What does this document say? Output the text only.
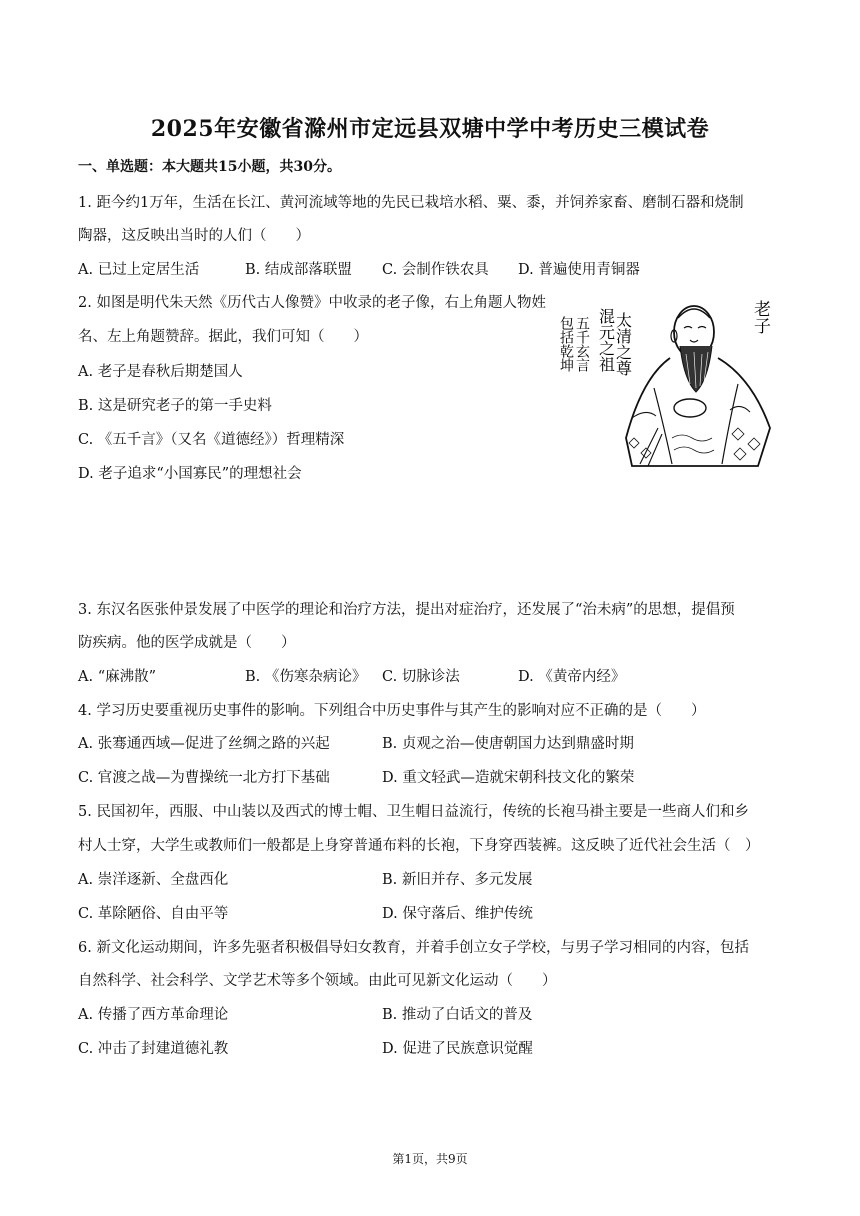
2025年安徽省滁州市定远县双塘中学中考历史三模试卷
一、单选题：本大题共15小题，共30分。
1. 距今约1万年，生活在长江、黄河流域等地的先民已栽培水稻、粟、黍，并饲养家畜、磨制石器和烧制
陶器，这反映出当时的人们（　　）
A. 已过上定居生活	B. 结成部落联盟 C. 会制作铁农具 D. 普遍使用青铜器
2. 如图是明代朱天然《历代古人像赞》中收录的老子像，右上角题人物姓
名、左上角题赞辞。据此，我们可知（　　）
A. 老子是春秋后期楚国人
B. 这是研究老子的第一手史料
C. 《五千言》（又名《道德经》）哲理精深
D. 老子追求“小国寡民”的理想社会
混元之祖
太清之尊
五千玄言
包括乾坤	老子
3. 东汉名医张仲景发展了中医学的理论和治疗方法，提出对症治疗，还发展了“治未病”的思想，提倡预
防疾病。他的医学成就是（　　）
A. “麻沸散”	B. 《伤寒杂病论》 C. 切脉诊法	D. 《黄帝内经》
4. 学习历史要重视历史事件的影响。下列组合中历史事件与其产生的影响对应不正确的是（　　）
A. 张骞通西域—促进了丝绸之路的兴起	B. 贞观之治—使唐朝国力达到鼎盛时期
C. 官渡之战—为曹操统一北方打下基础	D. 重文轻武—造就宋朝科技文化的繁荣
5. 民国初年，西服、中山装以及西式的博士帽、卫生帽日益流行，传统的长袍马褂主要是一些商人们和乡
村人士穿，大学生或教师们一般都是上身穿普通布料的长袍，下身穿西装裤。这反映了近代社会生活（　）
A. 崇洋逐新、全盘西化	B. 新旧并存、多元发展
C. 革除陋俗、自由平等	D. 保守落后、维护传统
6. 新文化运动期间，许多先驱者积极倡导妇女教育，并着手创立女子学校，与男子学习相同的内容，包括
自然科学、社会科学、文学艺术等多个领域。由此可见新文化运动（　　）
A. 传播了西方革命理论	B. 推动了白话文的普及
C. 冲击了封建道德礼教	D. 促进了民族意识觉醒
第1页，共9页
